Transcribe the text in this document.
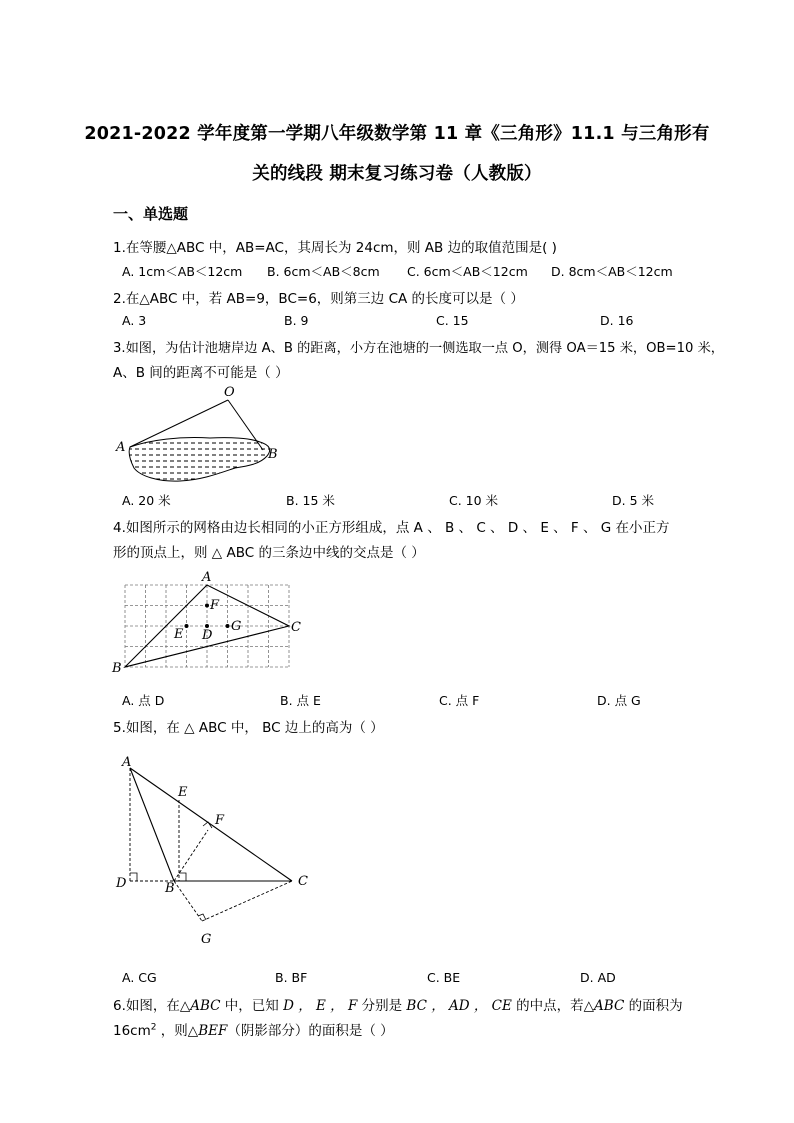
2021-2022 学年度第一学期八年级数学第 11 章《三角形》11.1 与三角形有
关的线段 期末复习练习卷（人教版）
一、单选题
1.在等腰△ABC 中，AB=AC，其周长为 24cm，则 AB 边的取值范围是( )
A. 1cm＜AB＜12cm B. 6cm＜AB＜8cm C. 6cm＜AB＜12cm D. 8cm＜AB＜12cm
2.在△ABC 中，若 AB=9，BC=6，则第三边 CA 的长度可以是（ ）
A. 3	B. 9	C. 15	D. 16
3.如图，为估计池塘岸边 A、B 的距离，小方在池塘的一侧选取一点 O，测得 OA＝15 米，OB=10 米，
A、B 间的距离不可能是（ ）
O
A	B
A. 20 米	B. 15 米	C. 10 米	D. 5 米
4.如图所示的网格由边长相同的小正方形组成，点 A 、 B 、 C 、 D 、 E 、 F 、 G 在小正方
形的顶点上，则 △ ABC 的三条边中线的交点是（ ）
A
B
C
D
E
F
G
A. 点 D	B. 点 E	C. 点 F	D. 点 G
5.如图，在 △ ABC 中， BC 边上的高为（ ）
A
B	C
D
E
F
G
A. CG	B. BF	C. BE	D. AD
6.如图，在△ABC 中，已知 D ， E ， F 分别是 BC ， AD ， CE 的中点，若△ABC 的面积为
$16cm^2$ ，则△BEF（阴影部分）的面积是（ ）
